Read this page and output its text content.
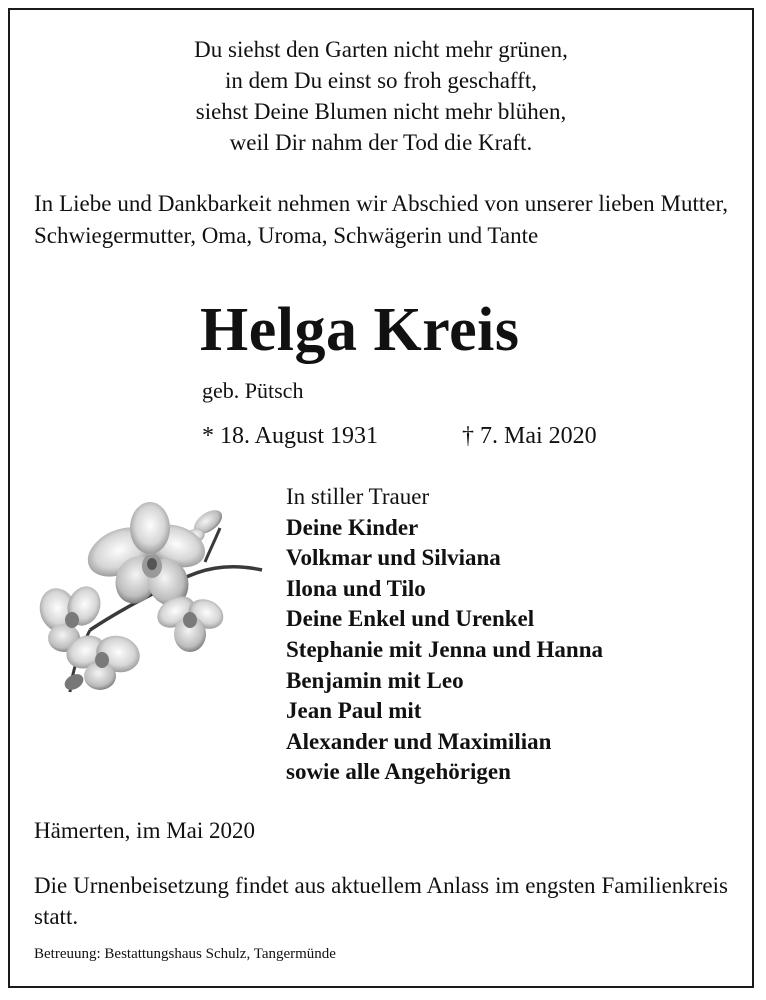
Du siehst den Garten nicht mehr grünen,
in dem Du einst so froh geschafft,
siehst Deine Blumen nicht mehr blühen,
weil Dir nahm der Tod die Kraft.
In Liebe und Dankbarkeit nehmen wir Abschied von unserer lieben Mutter, Schwiegermutter, Oma, Uroma, Schwägerin und Tante
Helga Kreis
geb. Pütsch
* 18. August 1931	† 7. Mai 2020
In stiller Trauer
Deine Kinder
Volkmar und Silviana
Ilona und Tilo
Deine Enkel und Urenkel
Stephanie mit Jenna und Hanna
Benjamin mit Leo
Jean Paul mit
Alexander und Maximilian
sowie alle Angehörigen
Hämerten, im Mai 2020
Die Urnenbeisetzung findet aus aktuellem Anlass im engsten Familienkreis statt.
Betreuung: Bestattungshaus Schulz, Tangermünde
